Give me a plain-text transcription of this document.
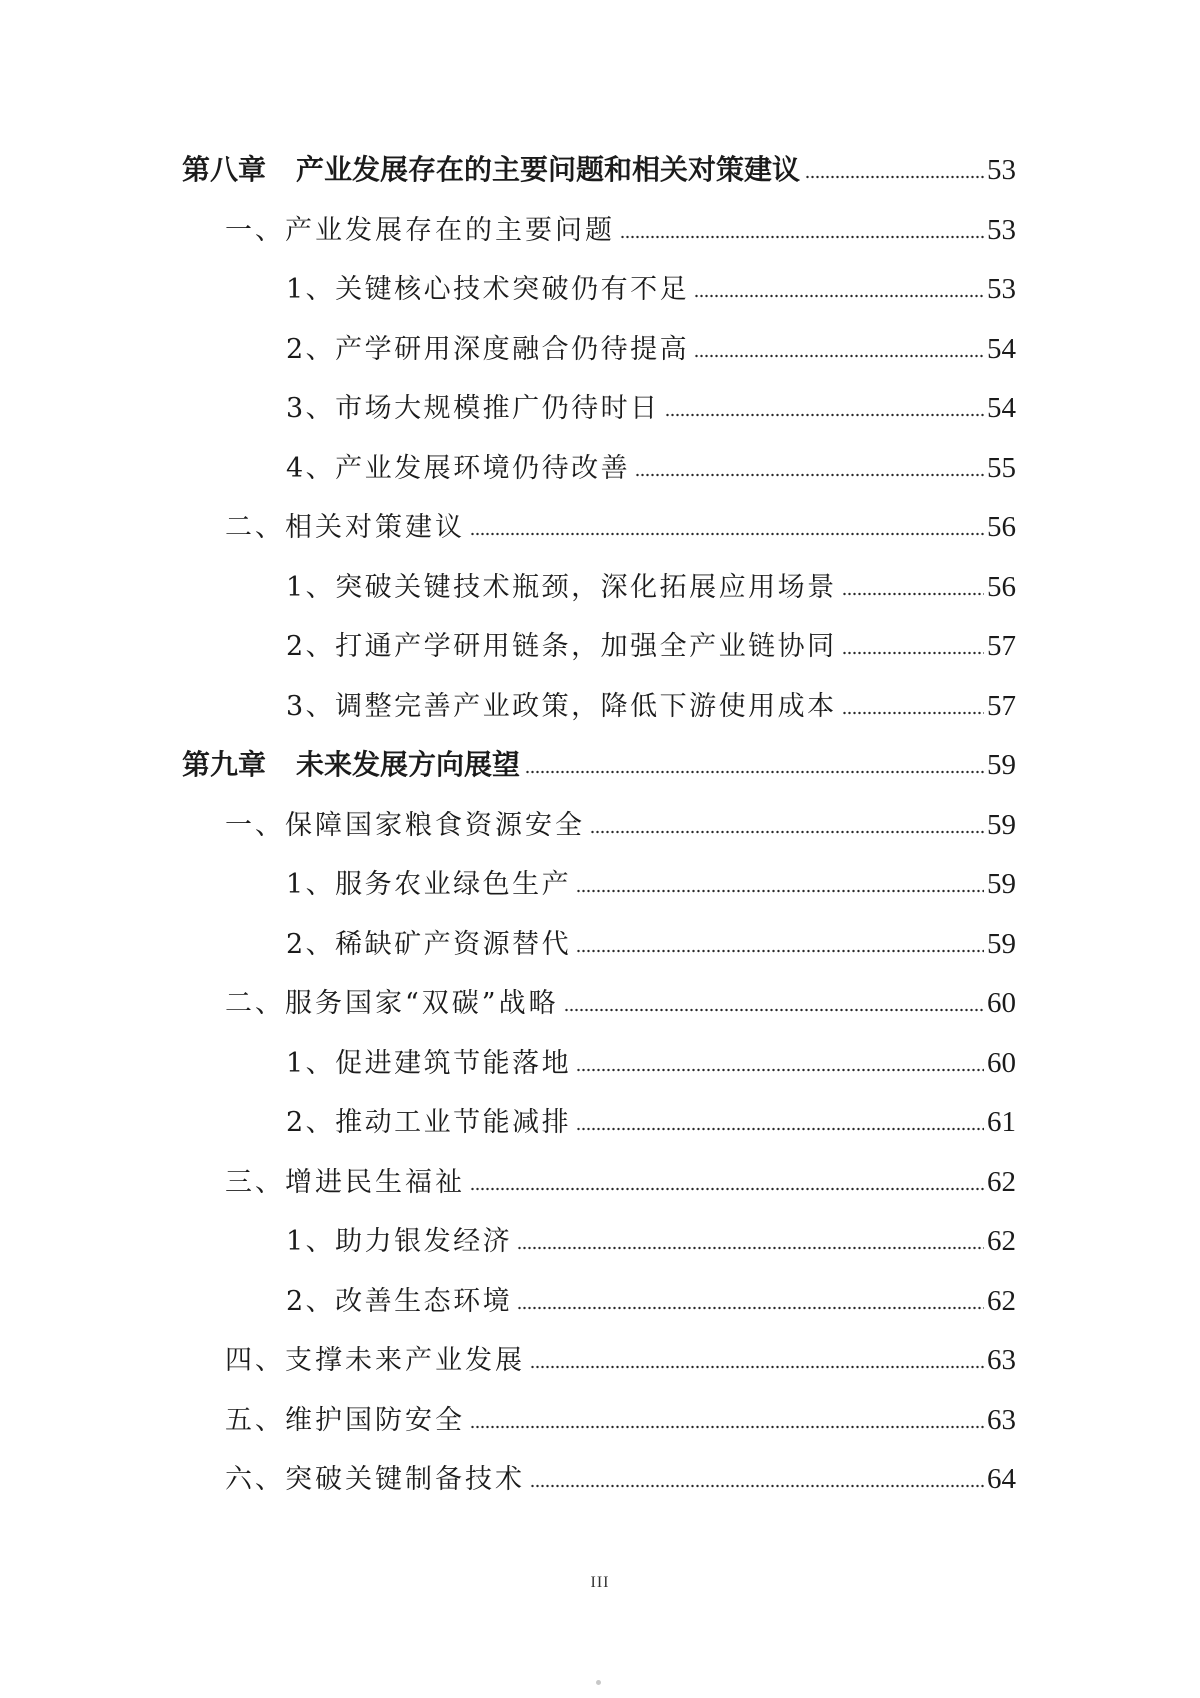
第八章 产业发展存在的主要问题和相关对策建议	53
一、产业发展存在的主要问题	53
1、关键核心技术突破仍有不足	53
2、产学研用深度融合仍待提高	54
3、市场大规模推广仍待时日	54
4、产业发展环境仍待改善	55
二、相关对策建议	56
1、突破关键技术瓶颈，深化拓展应用场景	56
2、打通产学研用链条，加强全产业链协同	57
3、调整完善产业政策，降低下游使用成本	57
第九章 未来发展方向展望	59
一、保障国家粮食资源安全	59
1、服务农业绿色生产	59
2、稀缺矿产资源替代	59
二、服务国家“双碳”战略	60
1、促进建筑节能落地	60
2、推动工业节能减排	61
三、增进民生福祉	62
1、助力银发经济	62
2、改善生态环境	62
四、支撑未来产业发展	63
五、维护国防安全	63
六、突破关键制备技术	64
III
